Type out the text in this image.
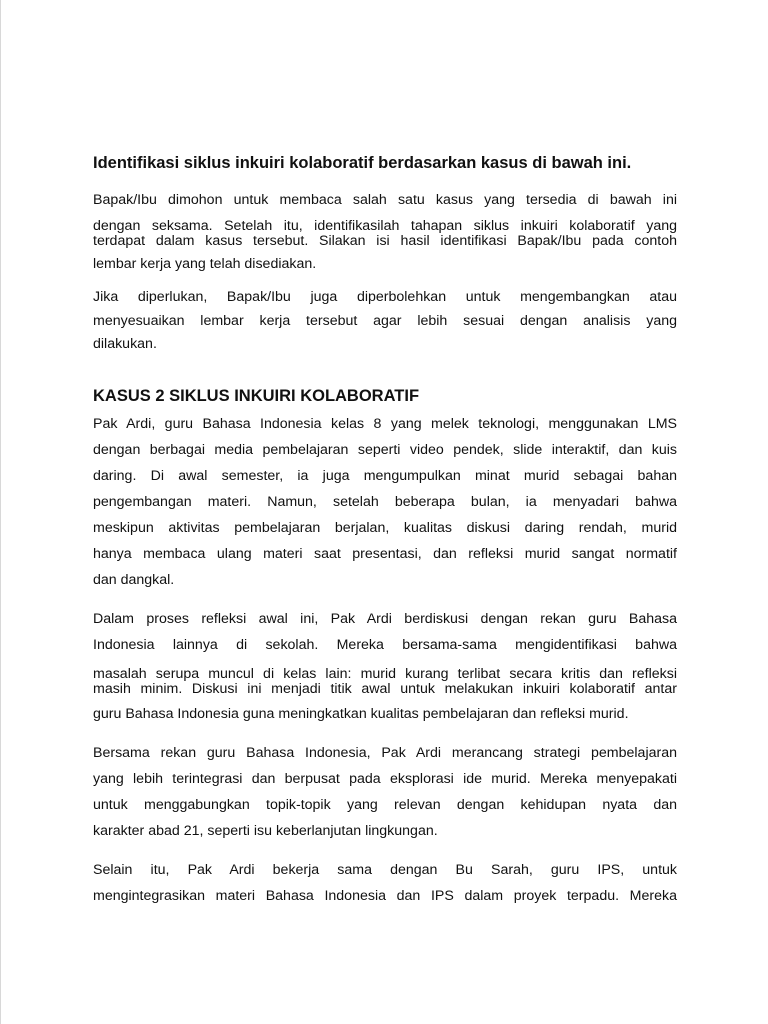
Identifikasi siklus inkuiri kolaboratif berdasarkan kasus di bawah ini.

Bapak/Ibu dimohon untuk membaca salah satu kasus yang tersedia di bawah ini
dengan seksama. Setelah itu, identifikasilah tahapan siklus inkuiri kolaboratif yang
terdapat dalam kasus tersebut. Silakan isi hasil identifikasi Bapak/Ibu pada contoh
lembar kerja yang telah disediakan.

Jika diperlukan, Bapak/Ibu juga diperbolehkan untuk mengembangkan atau
menyesuaikan lembar kerja tersebut agar lebih sesuai dengan analisis yang
dilakukan.

KASUS 2 SIKLUS INKUIRI KOLABORATIF

Pak Ardi, guru Bahasa Indonesia kelas 8 yang melek teknologi, menggunakan LMS
dengan berbagai media pembelajaran seperti video pendek, slide interaktif, dan kuis
daring. Di awal semester, ia juga mengumpulkan minat murid sebagai bahan
pengembangan materi. Namun, setelah beberapa bulan, ia menyadari bahwa
meskipun aktivitas pembelajaran berjalan, kualitas diskusi daring rendah, murid
hanya membaca ulang materi saat presentasi, dan refleksi murid sangat normatif
dan dangkal.

Dalam proses refleksi awal ini, Pak Ardi berdiskusi dengan rekan guru Bahasa
Indonesia lainnya di sekolah. Mereka bersama-sama mengidentifikasi bahwa
masalah serupa muncul di kelas lain: murid kurang terlibat secara kritis dan refleksi
masih minim. Diskusi ini menjadi titik awal untuk melakukan inkuiri kolaboratif antar
guru Bahasa Indonesia guna meningkatkan kualitas pembelajaran dan refleksi murid.

Bersama rekan guru Bahasa Indonesia, Pak Ardi merancang strategi pembelajaran
yang lebih terintegrasi dan berpusat pada eksplorasi ide murid. Mereka menyepakati
untuk menggabungkan topik-topik yang relevan dengan kehidupan nyata dan
karakter abad 21, seperti isu keberlanjutan lingkungan.

Selain itu, Pak Ardi bekerja sama dengan Bu Sarah, guru IPS, untuk
mengintegrasikan materi Bahasa Indonesia dan IPS dalam proyek terpadu. Mereka
